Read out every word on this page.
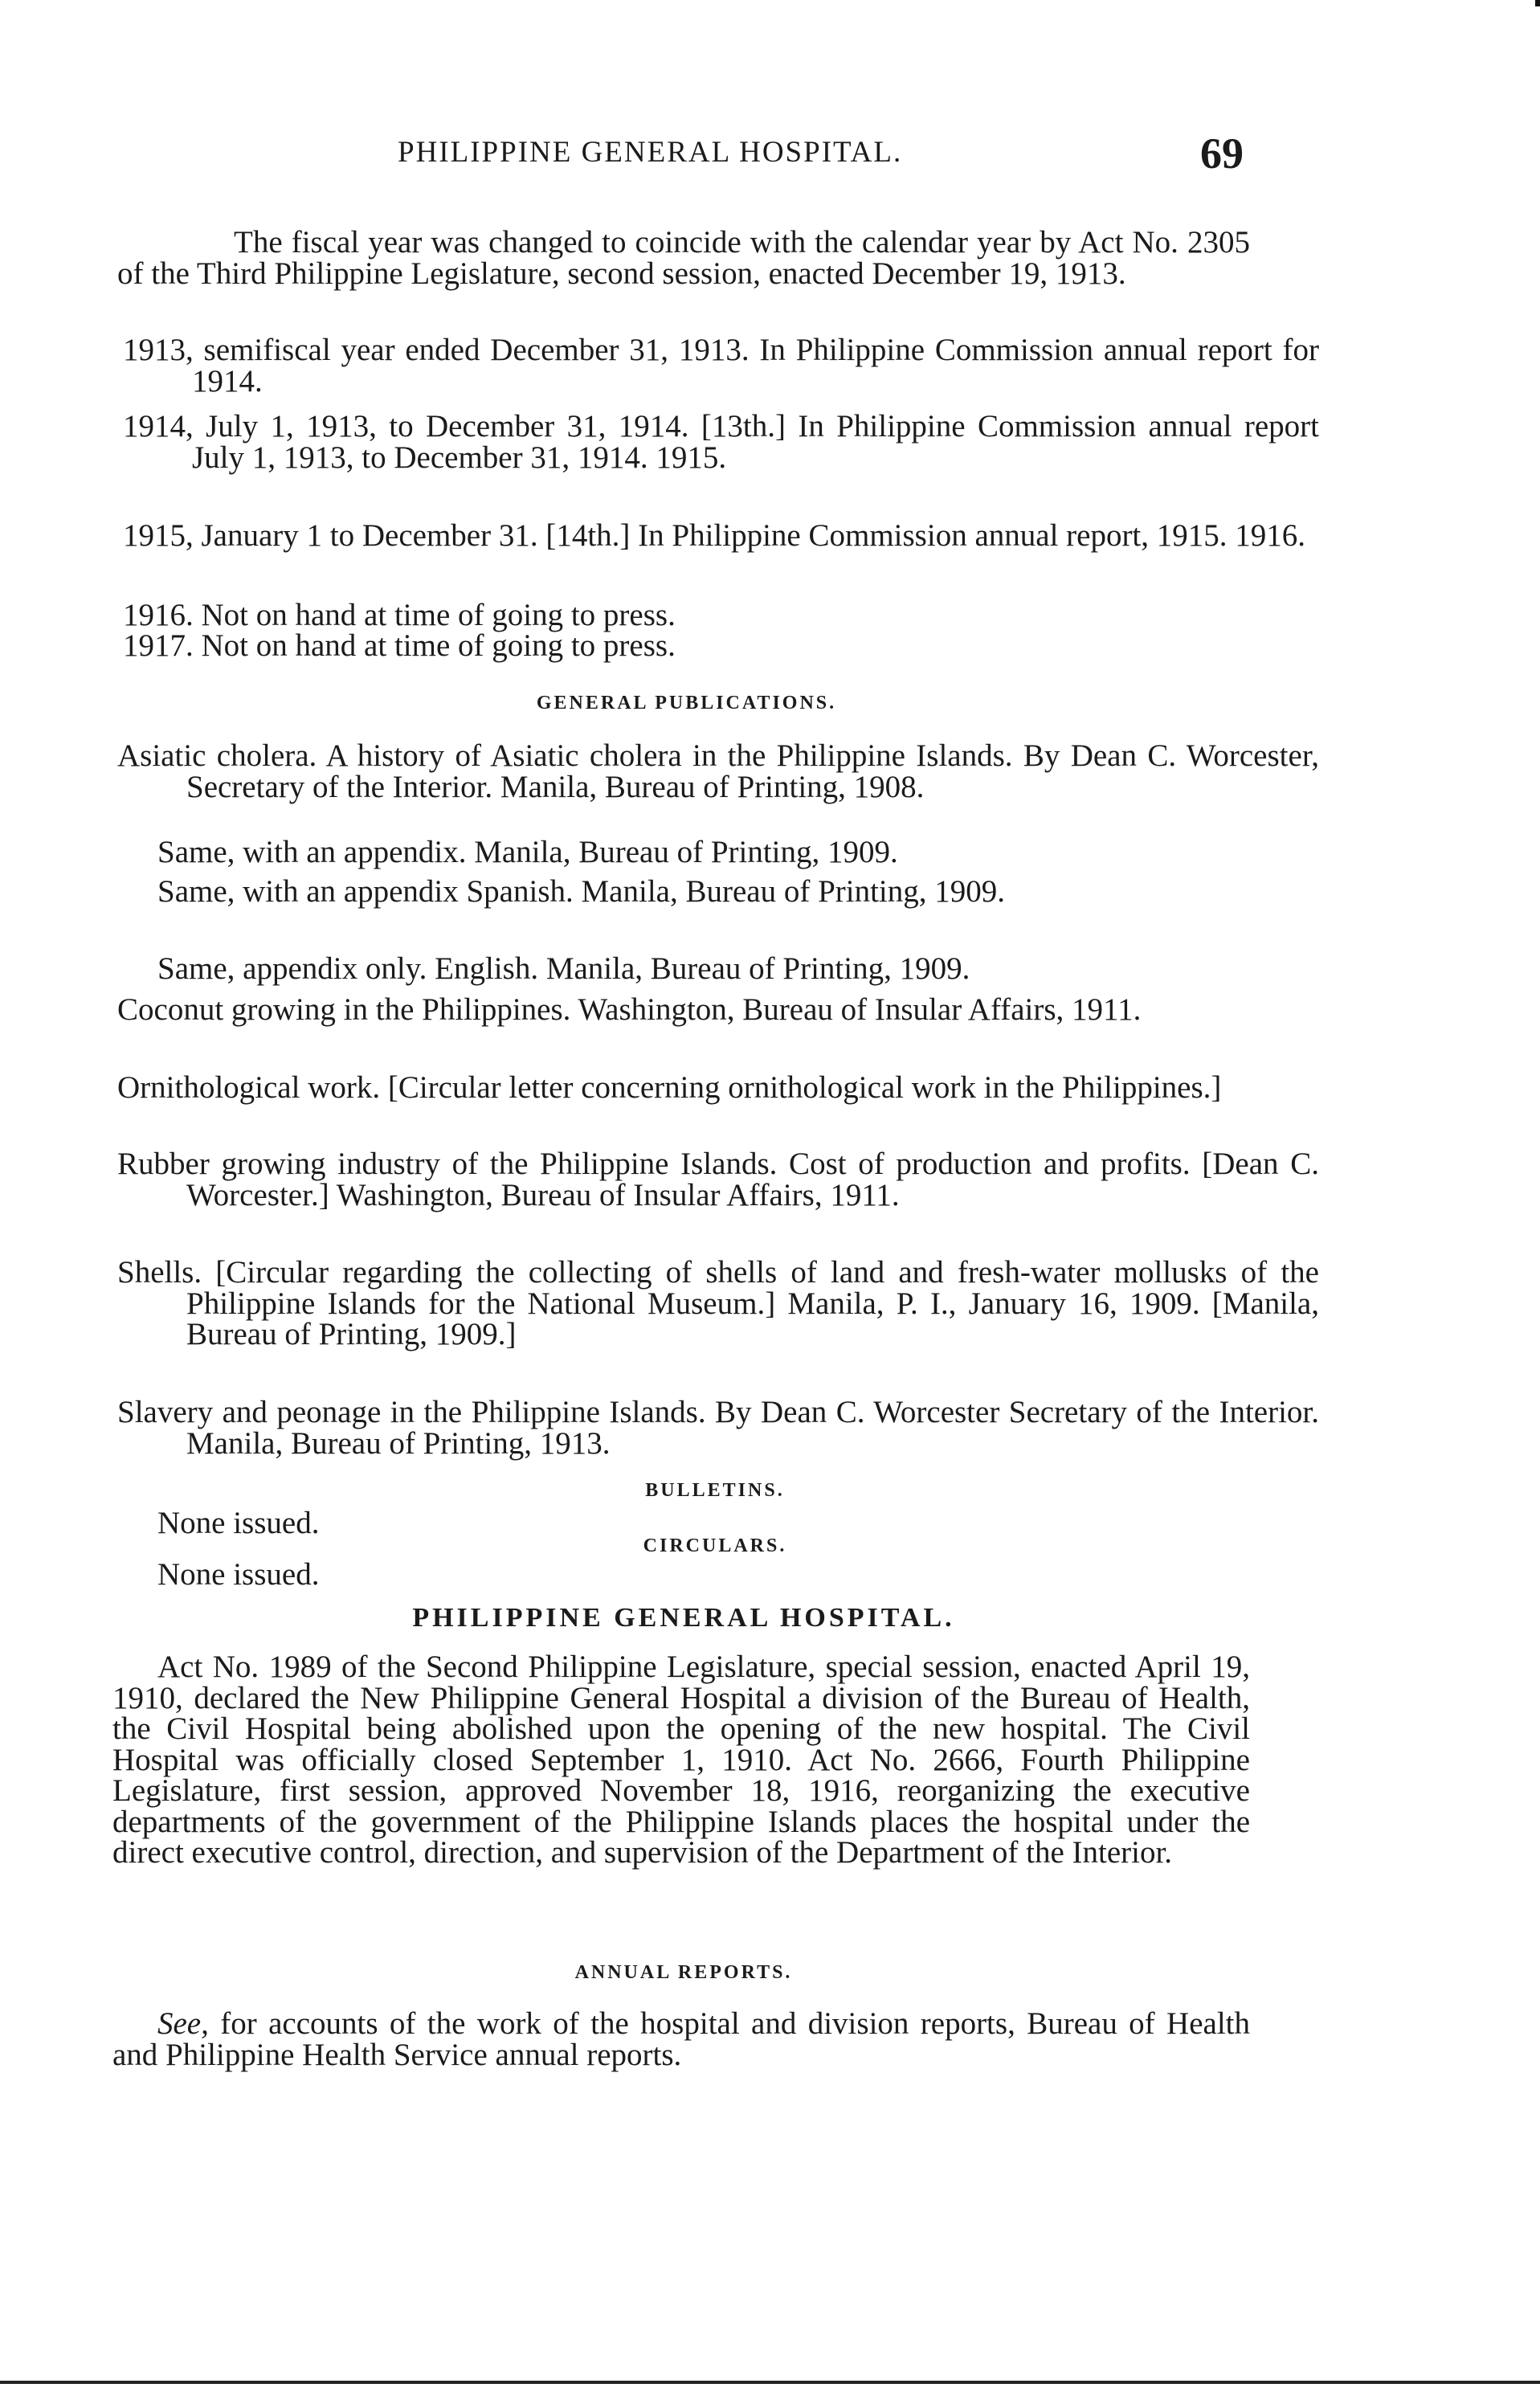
PHILIPPINE GENERAL HOSPITAL.	69

The fiscal year was changed to coincide with the calendar year by Act No. 2305 of the Third Philippine Legislature, second session, enacted December 19, 1913.

1913, semifiscal year ended December 31, 1913. In Philippine Commission annual report for 1914.

1914, July 1, 1913, to December 31, 1914. [13th.] In Philippine Commission annual report July 1, 1913, to December 31, 1914. 1915.

1915, January 1 to December 31. [14th.] In Philippine Commission annual report, 1915. 1916.

1916. Not on hand at time of going to press.

1917. Not on hand at time of going to press.

GENERAL PUBLICATIONS.

Asiatic cholera. A history of Asiatic cholera in the Philippine Islands. By Dean C. Worcester, Secretary of the Interior. Manila, Bureau of Printing, 1908.

Same, with an appendix. Manila, Bureau of Printing, 1909.

Same, with an appendix Spanish. Manila, Bureau of Printing, 1909.

Same, appendix only. English. Manila, Bureau of Printing, 1909.

Coconut growing in the Philippines. Washington, Bureau of Insular Affairs, 1911.

Ornithological work. [Circular letter concerning ornithological work in the Philippines.]

Rubber growing industry of the Philippine Islands. Cost of production and profits. [Dean C. Worcester.] Washington, Bureau of Insular Affairs, 1911.

Shells. [Circular regarding the collecting of shells of land and fresh-water mollusks of the Philippine Islands for the National Museum.] Manila, P. I., January 16, 1909. [Manila, Bureau of Printing, 1909.]

Slavery and peonage in the Philippine Islands. By Dean C. Worcester Secretary of the Interior. Manila, Bureau of Printing, 1913.

BULLETINS.

None issued.

CIRCULARS.

None issued.

PHILIPPINE GENERAL HOSPITAL.

Act No. 1989 of the Second Philippine Legislature, special session, enacted April 19, 1910, declared the New Philippine General Hospital a division of the Bureau of Health, the Civil Hospital being abolished upon the opening of the new hospital. The Civil Hospital was officially closed September 1, 1910. Act No. 2666, Fourth Philippine Legislature, first session, approved November 18, 1916, reorganizing the executive departments of the government of the Philippine Islands places the hospital under the direct executive control, direction, and supervision of the Department of the Interior.

ANNUAL REPORTS.

See, for accounts of the work of the hospital and division reports, Bureau of Health and Philippine Health Service annual reports.
